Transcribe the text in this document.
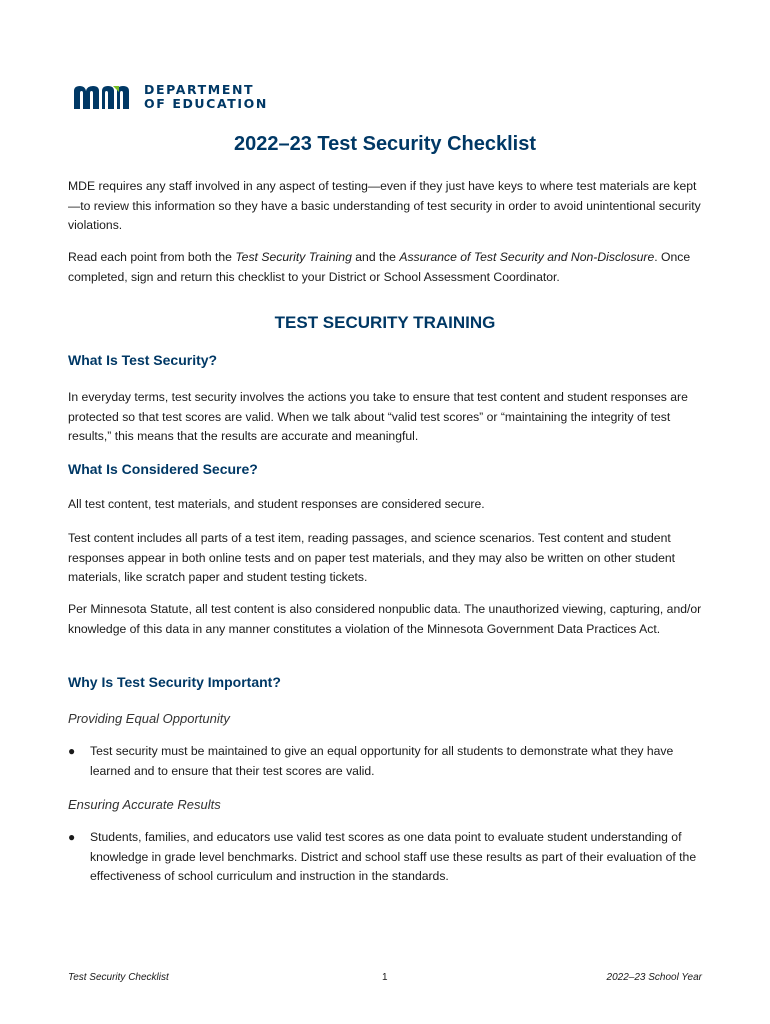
DEPARTMENT
OF EDUCATION
2022–23 Test Security Checklist

MDE requires any staff involved in any aspect of testing—even if they just have keys to where test materials are kept—to review this information so they have a basic understanding of test security in order to avoid unintentional security violations.

Read each point from both the Test Security Training and the Assurance of Test Security and Non-Disclosure. Once completed, sign and return this checklist to your District or School Assessment Coordinator.

TEST SECURITY TRAINING
What Is Test Security?

In everyday terms, test security involves the actions you take to ensure that test content and student responses are protected so that test scores are valid. When we talk about “valid test scores” or “maintaining the integrity of test results,” this means that the results are accurate and meaningful.

What Is Considered Secure?

All test content, test materials, and student responses are considered secure.

Test content includes all parts of a test item, reading passages, and science scenarios. Test content and student responses appear in both online tests and on paper test materials, and they may also be written on other student materials, like scratch paper and student testing tickets.

Per Minnesota Statute, all test content is also considered nonpublic data. The unauthorized viewing, capturing, and/or knowledge of this data in any manner constitutes a violation of the Minnesota Government Data Practices Act.

Why Is Test Security Important?

Providing Equal Opportunity

●	Test security must be maintained to give an equal opportunity for all students to demonstrate what they have learned and to ensure that their test scores are valid.

Ensuring Accurate Results

●	Students, families, and educators use valid test scores as one data point to evaluate student understanding of knowledge in grade level benchmarks. District and school staff use these results as part of their evaluation of the effectiveness of school curriculum and instruction in the standards.

Test Security Checklist	1	2022–23 School Year
